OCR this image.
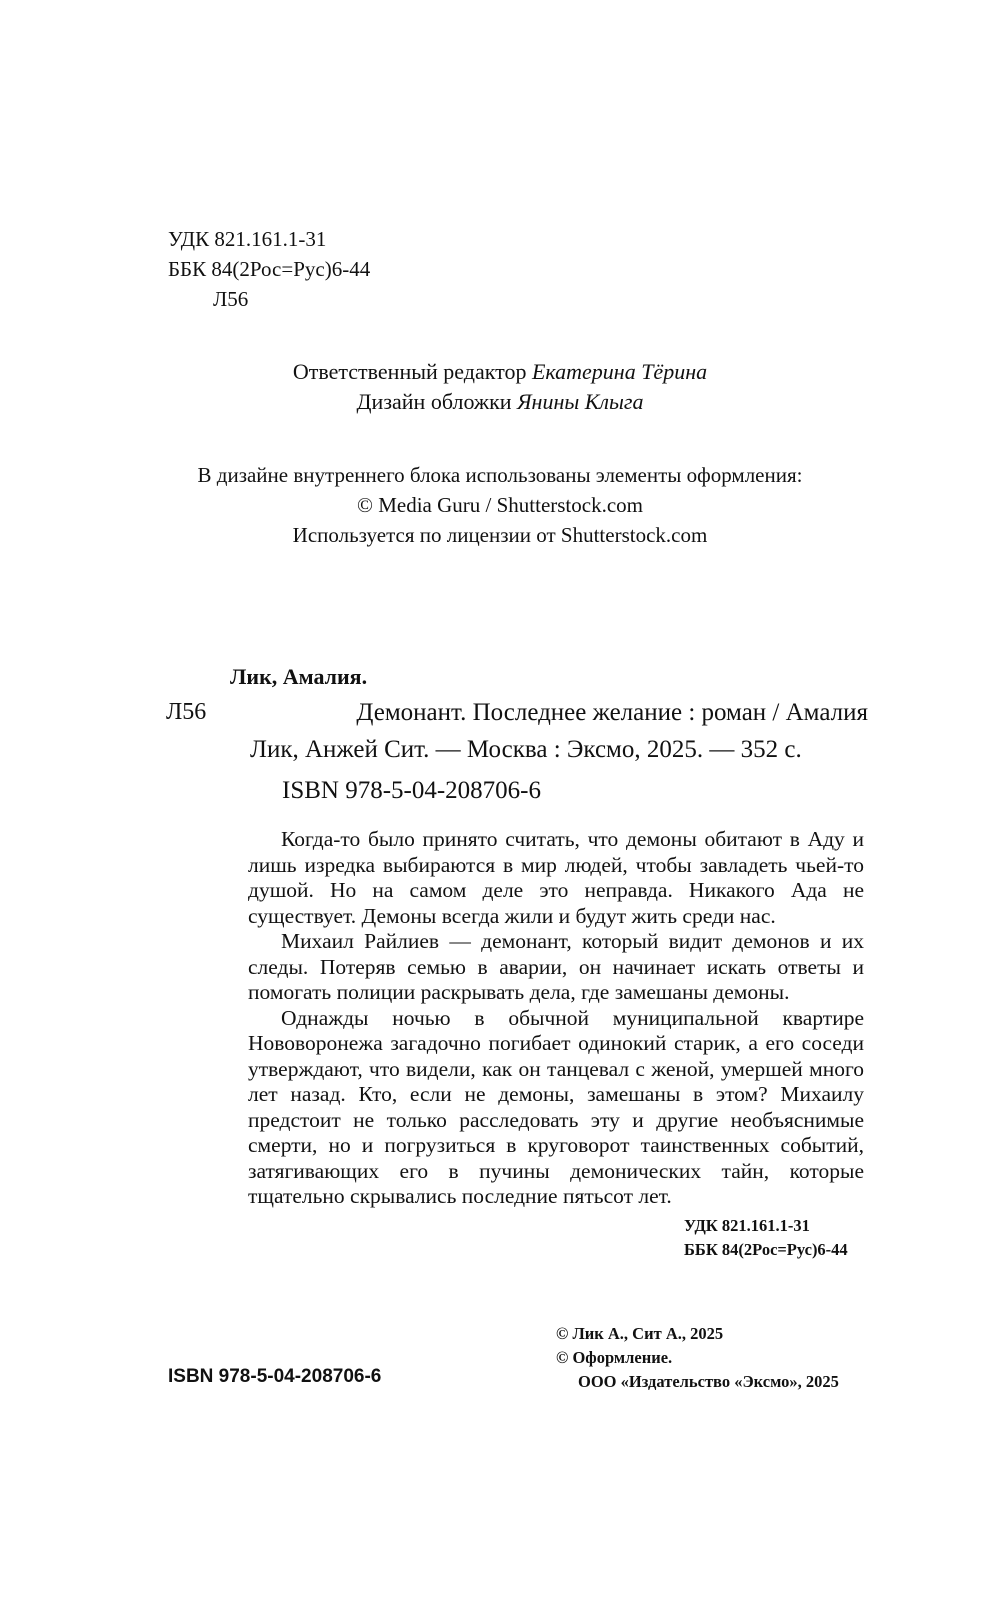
УДК 821.161.1-31
ББК 84(2Рос=Рус)6-44
Л56
Ответственный редактор Екатерина Тёрина
Дизайн обложки Янины Клыга
В дизайне внутреннего блока использованы элементы оформления:
© Media Guru / Shutterstock.com
Используется по лицензии от Shutterstock.com
Лик, Амалия.
Л56	Демонант. Последнее желание : роман / Амалия
Лик, Анжей Сит. — Москва : Эксмо, 2025. — 352 с.
ISBN 978-5-04-208706-6

Когда-то было принято считать, что демоны обитают в Аду и лишь изредка выбираются в мир людей, чтобы завладеть чьей-то душой. Но на самом деле это неправда. Никакого Ада не существует. Демоны всегда жили и будут жить среди нас.

Михаил Райлиев — демонант, который видит демонов и их следы. Потеряв семью в аварии, он начинает искать ответы и помогать полиции раскрывать дела, где замешаны демоны.

Однажды ночью в обычной муниципальной квартире Нововоронежа загадочно погибает одинокий старик, а его соседи утверждают, что видели, как он танцевал с женой, умершей много лет назад. Кто, если не демоны, замешаны в этом? Михаилу предстоит не только расследовать эту и другие необъяснимые смерти, но и погрузиться в круговорот таинственных событий, затягивающих его в пучины демонических тайн, которые тщательно скрывались последние пятьсот лет.

УДК 821.161.1-31
ББК 84(2Рос=Рус)6-44
© Лик А., Сит А., 2025
© Оформление.
ООО «Издательство «Эксмо», 2025
ISBN 978-5-04-208706-6
